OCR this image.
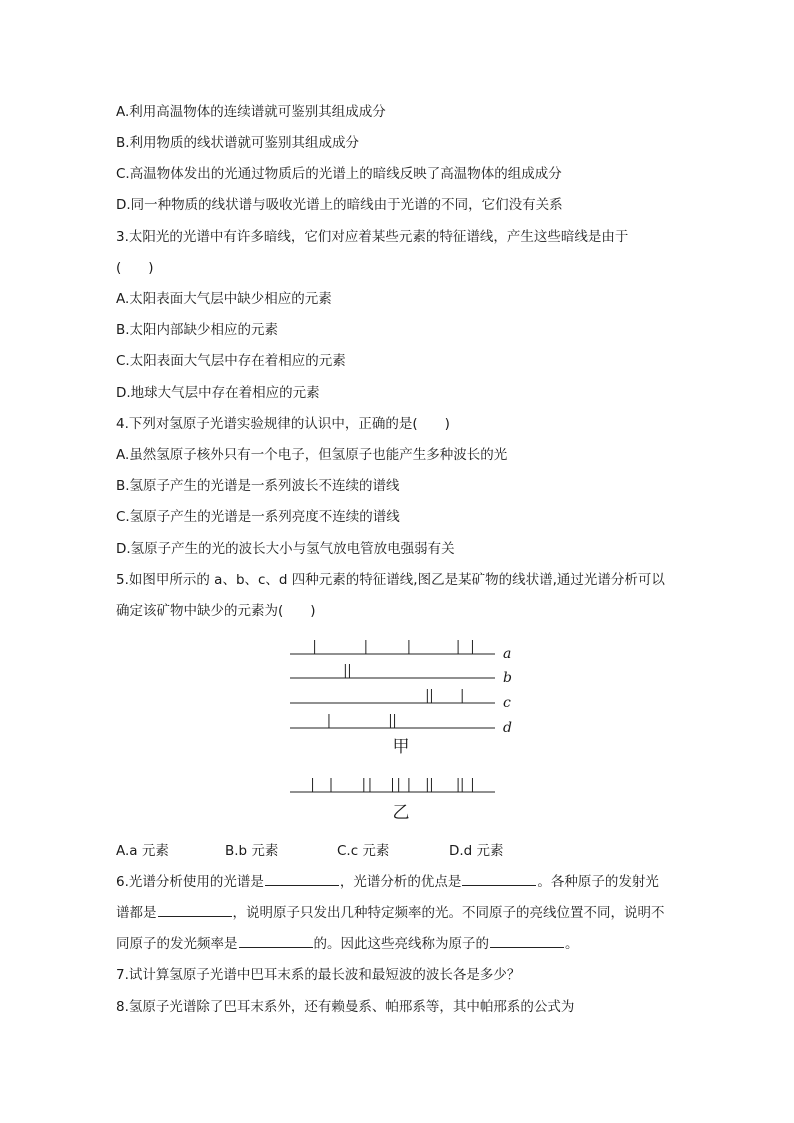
A.利用高温物体的连续谱就可鉴别其组成成分
B.利用物质的线状谱就可鉴别其组成成分
C.高温物体发出的光通过物质后的光谱上的暗线反映了高温物体的组成成分
D.同一种物质的线状谱与吸收光谱上的暗线由于光谱的不同，它们没有关系
3.太阳光的光谱中有许多暗线，它们对应着某些元素的特征谱线，产生这些暗线是由于
(　　)
A.太阳表面大气层中缺少相应的元素
B.太阳内部缺少相应的元素
C.太阳表面大气层中存在着相应的元素
D.地球大气层中存在着相应的元素
4.下列对氢原子光谱实验规律的认识中，正确的是(　　)
A.虽然氢原子核外只有一个电子，但氢原子也能产生多种波长的光
B.氢原子产生的光谱是一系列波长不连续的谱线
C.氢原子产生的光谱是一系列亮度不连续的谱线
D.氢原子产生的光的波长大小与氢气放电管放电强弱有关
5.如图甲所示的 a、b、c、d 四种元素的特征谱线,图乙是某矿物的线状谱,通过光谱分析可以
确定该矿物中缺少的元素为(　　)
a
b
c
d
甲
乙
A.a 元素	B.b 元素	C.c 元素	D.d 元素
6.光谱分析使用的光谱是	，光谱分析的优点是	。各种原子的发射光
谱都是	，说明原子只发出几种特定频率的光。不同原子的亮线位置不同，说明不
同原子的发光频率是	的。因此这些亮线称为原子的	。
7.试计算氢原子光谱中巴耳末系的最长波和最短波的波长各是多少？
8.氢原子光谱除了巴耳末系外，还有赖曼系、帕邢系等，其中帕邢系的公式为
